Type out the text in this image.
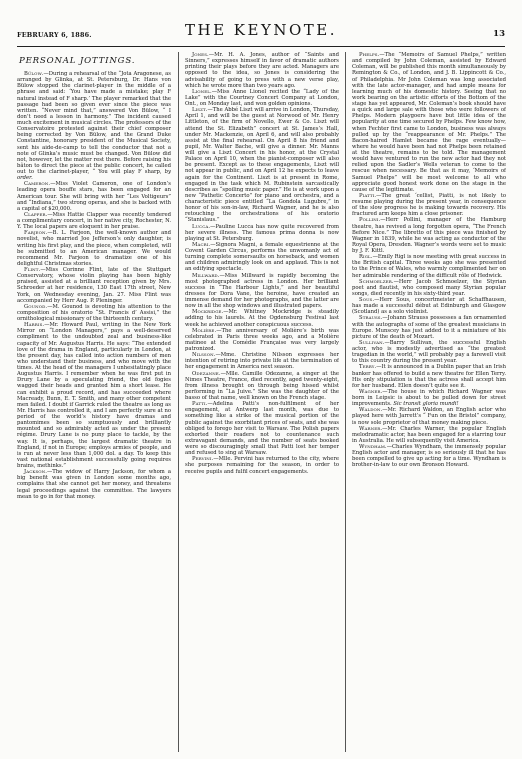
FEBRUARY 6, 1886.	THE KEYNOTE.	13
PERSONAL JOTTINGS.

Bülow.—During a rehearsal of the “Jota Aragonese, as arranged by Glinka, at St. Petersburg, Dr. Hans von Bülow stopped the clarinet-player in the middle of a phrase and said: ‘You have made a mistake; play F natural instead of F sharp.’ The player remarked that the passage had been so given ever since the piece was written. “Never mind that,” answered Von Bülow, “ I don’t need a lesson in harmony.” The incident caused much excitement in musical circles. The professors of the Conservatoire protested against their chief composer being corrected by Von Bülow, and the Grand Duke Constantine, honorary president of the Musical Society, sent his aide-de-camp to tell the conductor that not a note of Glinka’s music must be changed. Von Bülow did not, however, let the matter rest there. Before raising his bâton to direct the piece at the public concert, he called out to the clarinet-player, “ You will play F sharp, by order.

Cameron.—Miss Violet Cameron, one of London’s leading opera bouffe stars, has been engaged for an American tour. She will bring with her “Les Voltigeurs” and “Indiana,” two strong operas, and she is backed with a capital of $20,000.

Clapper.—Miss Hattie Clapper was recently tendered a complimentary concert, in her native city, Rochester, N. Y. The local papers are eloquent in her praise.

Farjeon.—B. L. Farjeon, the well-known author and novelist, who married Joe Jefferson’s only daughter, is writing his first play, and the piece, when completed, will be submitted to an American manager. We would recommend Mr. Farjeon to dramatize one of his delightful Christmas stories.

Flint.—Miss Corinne Flint, late of the Stuttgart Conservatory, whose violin playing has been highly praised, assisted at a brilliant reception given by Mrs. Schroeder at her residence, 130 East 17th street, New York, on Wednesday evening, Jan. 27. Miss Flint was accompanied by Herr Aug. P. Pleninger.

Gounod.—M. Gounod is devoting his attention to the composition of his oratorio “St. Francis d’ Assisi,” the ornithological missionary of the thirteenth century.

Harris.—Mr. Howard Paul, writing in the New York Mirror on “London Managers,” pays a well-deserved compliment to the undoubted zeal and business-like capacity of Mr. Augustus Harris. He says: “The extended love of the drama in England, particularly in London, at the present day, has called into action numbers of men who understand their business, and who move with the times. At the head of the managers I unhesitatingly place Augustus Harris. I remember when he was first put in Drury Lane by a speculating friend, the old fogies wagged their heads and granted him a short lease. He can exhibit a proud record, and has succeeded where Macready, Bunn, E. T. Smith, and many other competent men failed. I doubt if Garrick ruled the theatre as long as Mr. Harris has controlled it, and I am perfectly sure at no period of the world’s history have dramas and pantomimes been so sumptuously and brilliantly mounted and so admirably acted as under the present régime. Drury Lane is no puny place to tackle, by the way. It is, perhaps, the largest dramatic theatre in England, if not in Europe; employs armies of people, and is run at never less than 1,000 dol. a day. To keep this vast national establishment successfully going requires brains, methinks.”

Jackson.—The widow of Harry Jackson, for whom a big benefit was given in London some months ago, complains that she cannot get her money, and threatens legal proceedings against the committee. The lawyers mean to go in for that money.

Jones.—Mr. H. A. Jones, author of “Saints and Sinners,” expresses himself in favor of dramatic authors printing their plays before they are acted. Managers are opposed to the idea, so Jones is considering the advisability of going to press with a new verse play, which he wrote more than two years ago.

Lionel.—Miss Anne Lionel recited the “Lady of the Lake” with the Courtney Concert Company at London, Ont., on Monday last, and won golden opinions.

Liszt.—The Abbé Liszt will arrive in London, Thursday, April 1, and will be the guest at Norwood of Mr. Henry Littleton, of the firm of Novello, Ewer & Co. Liszt will attend the St. Elizabeth” concert at St. James’s Hall, under Mr. Mackenzie, on April 6, and will also probably assist at the final rehearsal. On April 8 his friend and pupil, Mr. Walter Bache, will give a dinner. Mr. Manns will give a Liszt Concert in his honor, at the Crystal Palace on April 10, when the pianist-composer will also be present. Except as to these engagements, Liszt will not appear in public, and on April 12 he expects to leave again for the Continent. Liszt is at present in Rome, engaged in the task which M. Rubinstein sarcastically describes as “spoiling music paper.” He is at work upon a new “Pathetic Concerto” for piano and orchestra, and a characteristic piece entitled “La Gondola Lugubre,” in honor of his son-in-law, Richard Wagner, and he is also retouching the orchestrations of his oratorio “Stanislaus.”

Lucca.—Pauline Lucca has now quite recovered from her severe illness. The famous prima donna is now playing at St. Petersburg.

Macri.—Signora Magni, a female equestrienne at the Covent Garden Circus, performs the unwomanly act of turning complete somersaults on horseback, and women and children admiringly look on and applaud. This is not an edifying spectacle.

Millward.—Miss Millward is rapidly becoming the most photographed actress in London. Her brilliant success in “The Harbour Lights,” and her beautiful dresses for Dora Vane, the heroine, have created an immense demand for her photographs, and the latter are now in all the shop windows and illustrated papers.

Mockridge.—Mr. Whitney Mockridge is steadily adding to his laurels. At the Ogdensburg Festival last week he achieved another conspicuous success.

Molière.—The anniversary of Molière’s birth was celebrated in Paris three weeks ago, and a Molière matinee at the Comédie Française was very largely patronized.

Nilsson.—Mme. Christine Nilsson expresses her intention of retiring into private life at the termination of her engagement in America next season.

Odezanne.—Mlle. Camille Odezanne, a singer at the Nimes Theatre, France, died recently, aged twenty-eight, from illness brought on through being hissed whilst performing in “La Juive.” She was the daughter of the basso of that name, well known on the French stage.

Patti.—Adelina Patti’s non-fulfilment of her engagement, at Antwerp last month, was due to something like a strike of the musical portion of the public against the exorbitant prices of seats, and she was obliged to forego her visit to Warsaw. The Polish papers exhorted their readers not to countenance such extravagant demands, and the number of seats booked were so discouragingly small that Patti lost her temper and refused to sing at Warsaw.

Pervini.—Mlle. Pervini has returned to the city, where she purposes remaining for the season, in order to receive pupils and fulfil concert engagements.

Phelps.—The “Memoirs of Samuel Phelps,” written and compiled by John Coleman, assisted by Edward Coleman, will be published this month simultaneously by Remington & Co., of London, and J. B. Lippincott & Co., of Philadelphia. Mr John Coleman was long associated with the late actor-manager, and had ample means for learning much of his domestic history. Seeing that no work bearing on the artistic efforts of the Bottom of the stage has yet appeared, Mr. Coleman’s book should have a quick and large sale with those who were followers of Phelps. Modern playgoers have but little idea of the popularity at one time secured by Phelps. Few know how, when Fechter first came to London, business was always pulled up by the “reappearance of Mr. Phelps.” The Bacon-haired Hamlet became the rage eventually—where he would have been had not Phelps been retained at the theatre, remains to be told. The management would have ventured to run the new actor had they not relied upon the Sadler’s Wells veteran to come to the rescue when necessary. Be that as it may, ‘Memoirs of Samuel Phelps” will be most welcome to all who appreciate good honest work done on the stage in the cause of the legitimate.

Piatti.—The great ‘cellist, Piatti, is not likely to resume playing during the present year, in consequence of the slow progress he is making towards recovery. His fractured arm keeps him a close prisoner.

Pollini.—Herr Pollini, manager of the Hamburg theatre, has revived a long forgotten opera, “The French Before Nice.” The libretto of this piece was finished by Wagner in 1839, while he was acting as conductor of the Royal Opera, Dresden. Wagner’s words were set to music by J. F. Kittl.

Rigl.—Emily Rigl is now meeting with great success in the British capital. Three weeks ago she was presented to the Prince of Wales, who warmly complimented her on her admirable rendering of the difficult rôle of Hedwick.

Schmoelzer.—Herr Jacob Schmoelzer, the Styrian poet and flautist, who composed many Styrian popular songs, died recently in his sixty-third year.

Sous.—Herr Sous, concertmeister at Schaffhausen, has made a successful début at Edinburgh and Glasgow (Scotland) as a solo violinist.

Strauss.—Johann Strauss possesses a fan ornamented with the autographs of some of the greatest musicians in Europe. Munscey has just added to it a miniature of his picture of the death of Mozart.

Sullivan.—Barry Sullivan, the successful English actor, who is modestly advertised as “the greatest tragedian in the world,” will probably pay a farewell visit to this country during the present year.

Terry.—It is announced in a Dublin paper that an Irish banker has offered to build a new theatre for Ellen Terry. His only stipulation is that the actress shall accept him for her husband. Ellen doesn’t quite see it.

Wagner.—The house in which Richard Wagner was born in Leipsic is about to be pulled down for street improvements. Sic transit gloria mundi!

Waldon.—Mr. Richard Waldon, an English actor who played here with Jarrett’s “ Fun on the Bristol” company, is now sole proprietor of that money making piece.

Warner.—Mr. Charles Warner, the popular English melodramatic actor, has been engaged for a starring tour in Australia. He will subsequently visit America.

Wyndham.—Charles Wyndham, the immensely popular English actor and manager, is so seriously ill that he has been compelled to give up acting for a time. Wyndham is brother-in-law to our own Bronson Howard.
